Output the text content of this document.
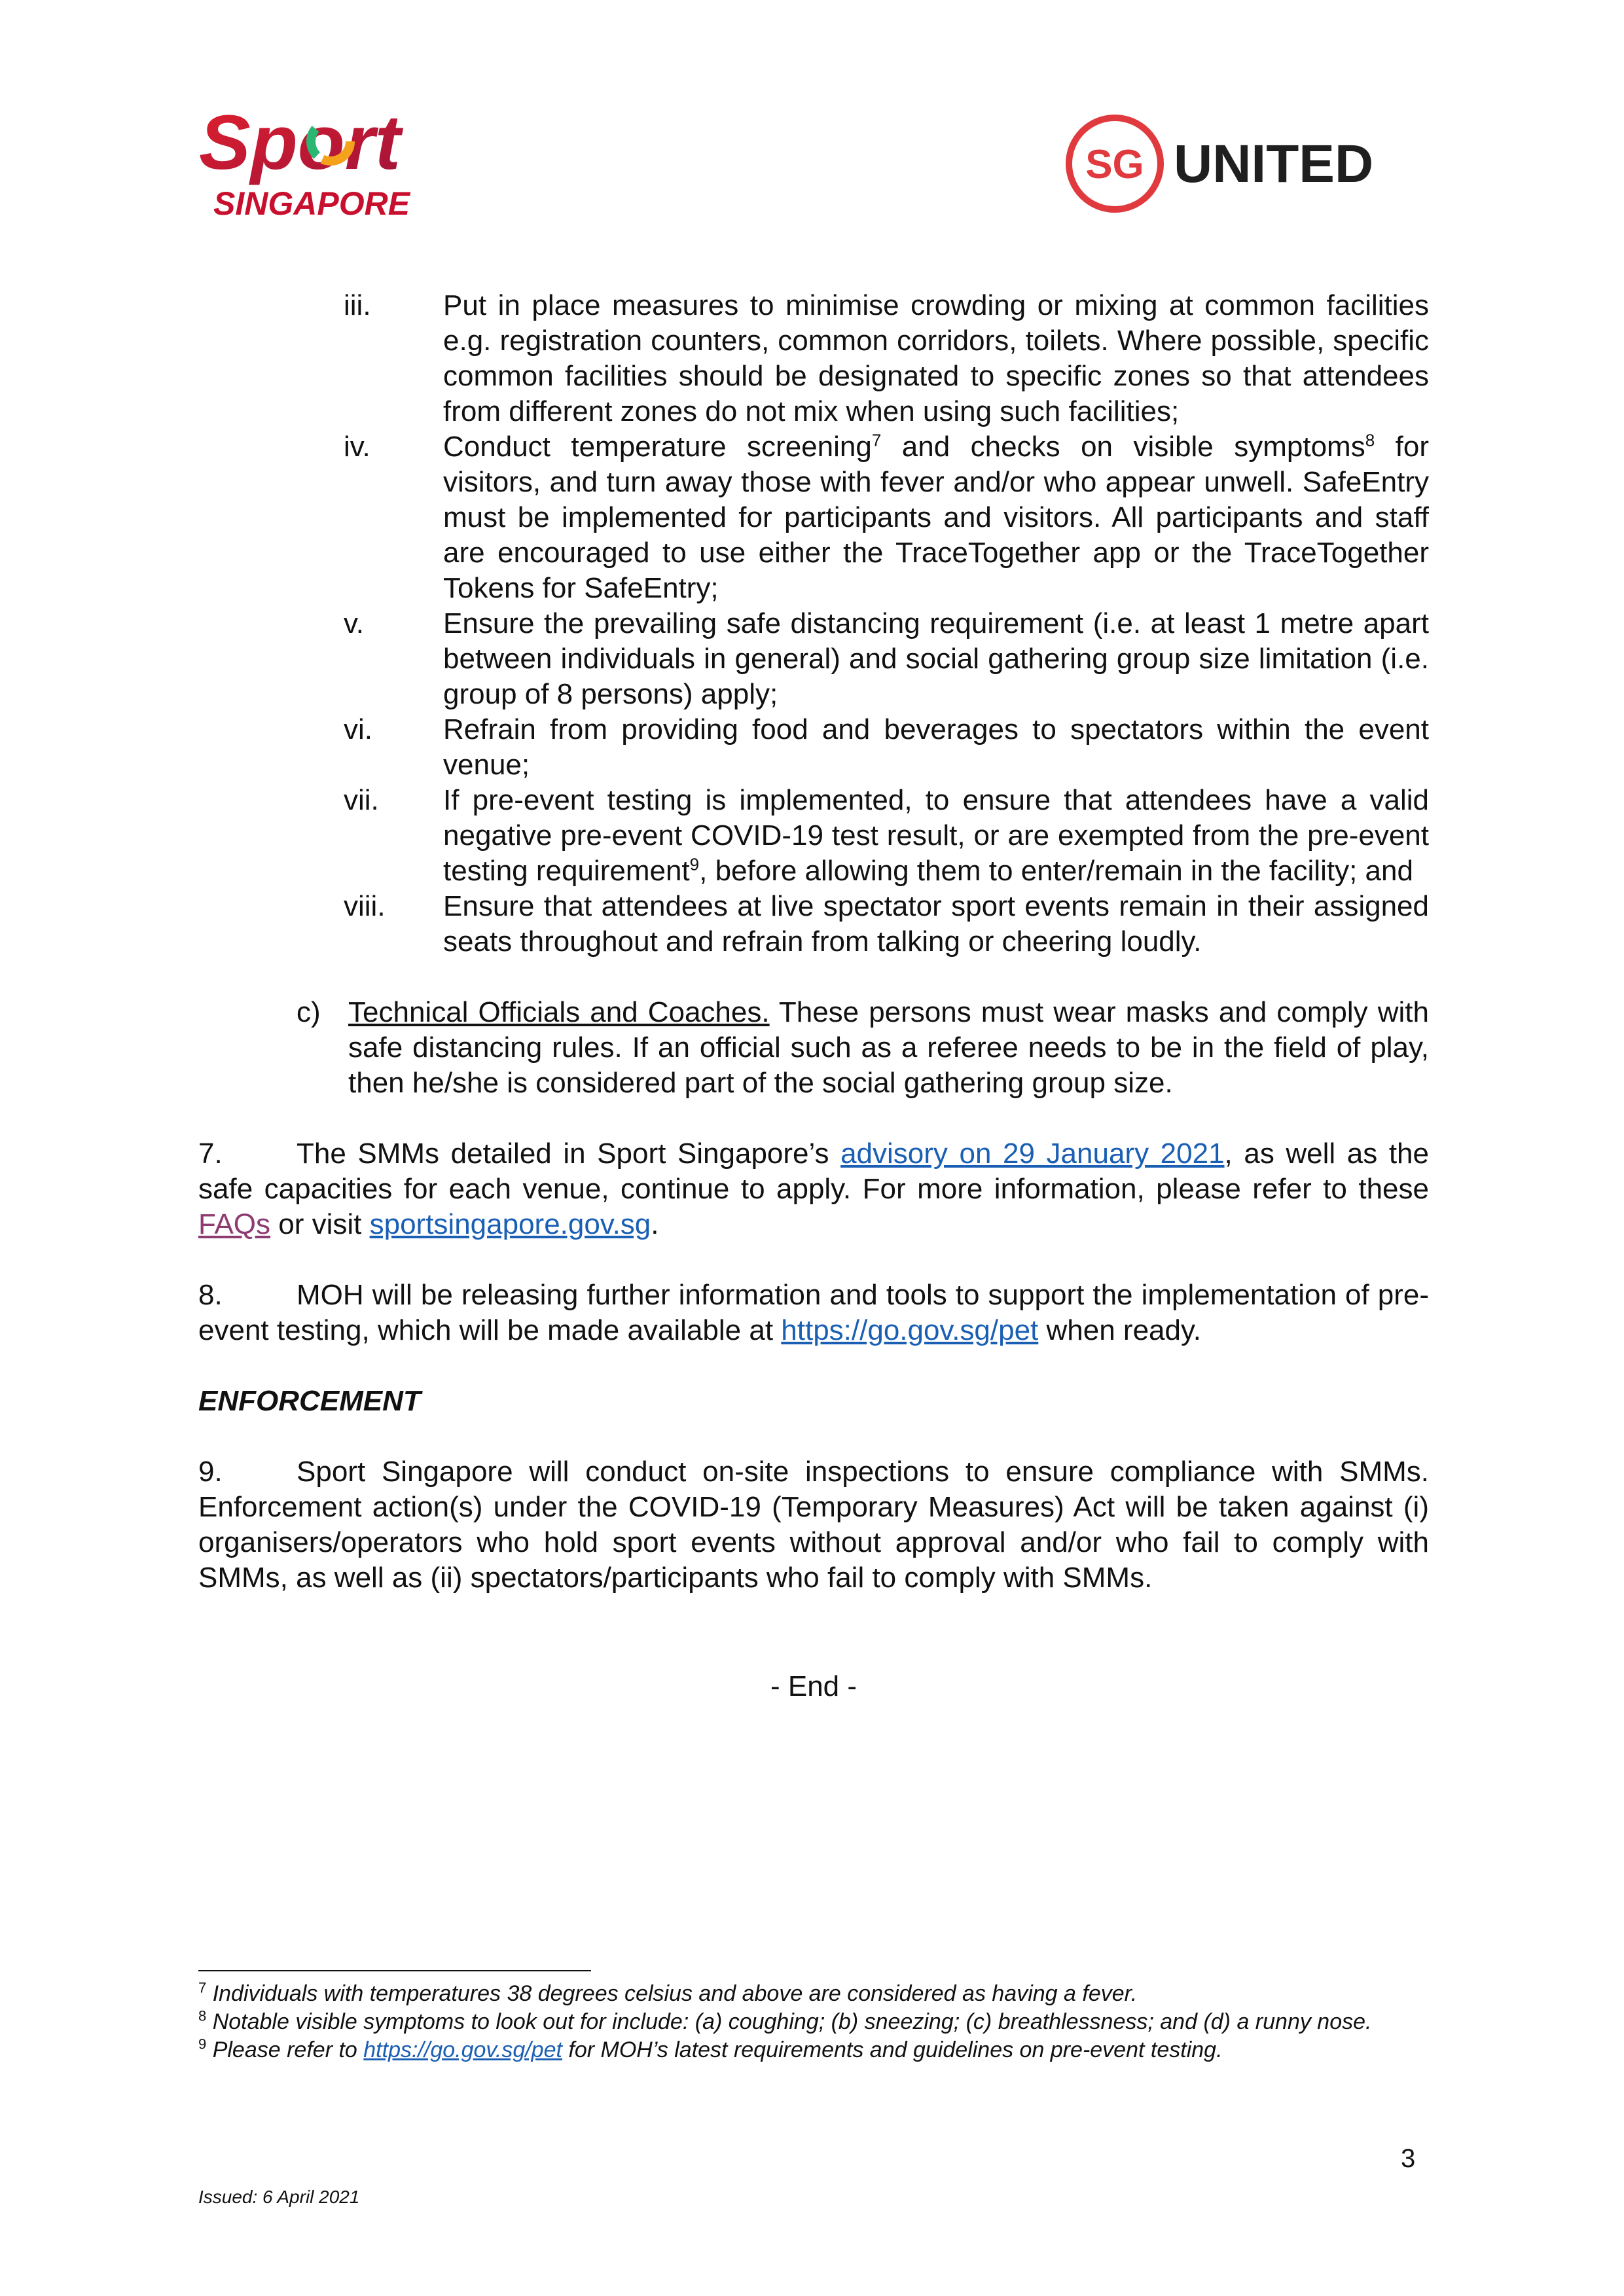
Sport
SINGAPORE
SG UNITED
iii.	Put in place measures to minimise crowding or mixing at common facilities e.g. registration counters, common corridors, toilets. Where possible, specific common facilities should be designated to specific zones so that attendees from different zones do not mix when using such facilities;
iv.	Conduct temperature screening$^7$ and checks on visible symptoms$^8$ for visitors, and turn away those with fever and/or who appear unwell. SafeEntry must be implemented for participants and visitors. All participants and staff are encouraged to use either the TraceTogether app or the TraceTogether Tokens for SafeEntry;
v.	Ensure the prevailing safe distancing requirement (i.e. at least 1 metre apart between individuals in general) and social gathering group size limitation (i.e. group of 8 persons) apply;
vi.	Refrain from providing food and beverages to spectators within the event venue;
vii.	If pre-event testing is implemented, to ensure that attendees have a valid negative pre-event COVID-19 test result, or are exempted from the pre-event testing requirement$^9$, before allowing them to enter/remain in the facility; and
viii.	Ensure that attendees at live spectator sport events remain in their assigned seats throughout and refrain from talking or cheering loudly.
c) Technical Officials and Coaches. These persons must wear masks and comply with safe distancing rules. If an official such as a referee needs to be in the field of play, then he/she is considered part of the social gathering group size.
7.	The SMMs detailed in Sport Singapore’s advisory on 29 January 2021, as well as the safe capacities for each venue, continue to apply. For more information, please refer to these FAQs or visit sportsingapore.gov.sg.
8.	MOH will be releasing further information and tools to support the implementation of pre-event testing, which will be made available at https://go.gov.sg/pet when ready.
ENFORCEMENT
9.	Sport Singapore will conduct on-site inspections to ensure compliance with SMMs. Enforcement action(s) under the COVID-19 (Temporary Measures) Act will be taken against (i) organisers/operators who hold sport events without approval and/or who fail to comply with SMMs, as well as (ii) spectators/participants who fail to comply with SMMs.
- End -

$^7$ Individuals with temperatures 38 degrees celsius and above are considered as having a fever.

$^8$ Notable visible symptoms to look out for include: (a) coughing; (b) sneezing; (c) breathlessness; and (d) a runny nose.

$^9$ Please refer to https://go.gov.sg/pet for MOH’s latest requirements and guidelines on pre-event testing.

3
Issued: 6 April 2021
